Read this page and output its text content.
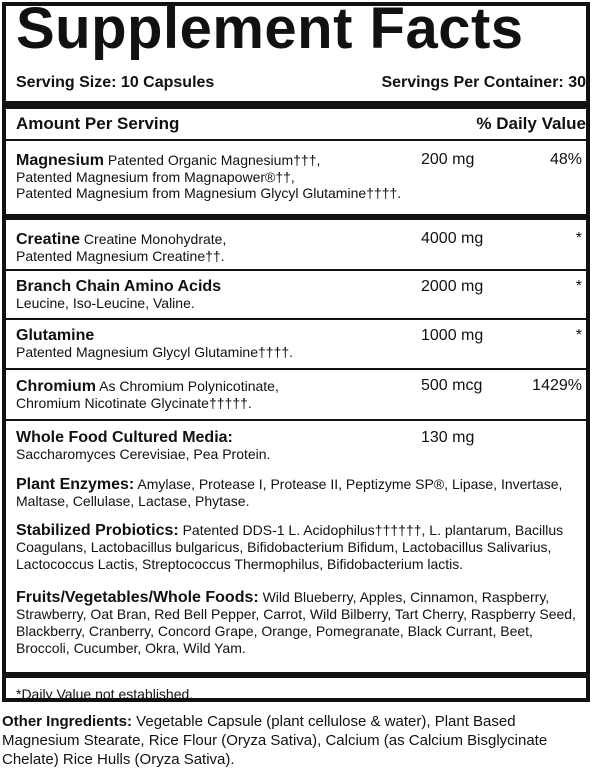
Supplement Facts
Serving Size: 10 Capsules	Servings Per Container: 30
Amount Per Serving	% Daily Value
Magnesium Patented Organic Magnesium†††,
Patented Magnesium from Magnapower®††,
Patented Magnesium from Magnesium Glycyl Glutamine††††.
200 mg	48%
Creatine Creatine Monohydrate,
Patented Magnesium Creatine††.
4000 mg	*
Branch Chain Amino Acids
Leucine, Iso-Leucine, Valine.
2000 mg	*
Glutamine
Patented Magnesium Glycyl Glutamine††††.
1000 mg	*
Chromium As Chromium Polynicotinate,
Chromium Nicotinate Glycinate†††††.
500 mcg	1429%
Whole Food Cultured Media:
Saccharomyces Cerevisiae, Pea Protein.
130 mg
Plant Enzymes: Amylase, Protease I, Protease II, Peptizyme SP®, Lipase, Invertase, Maltase, Cellulase, Lactase, Phytase.
Stabilized Probiotics: Patented DDS-1 L. Acidophilus††††††, L. plantarum, Bacillus Coagulans, Lactobacillus bulgaricus, Bifidobacterium Bifidum, Lactobacillus Salivarius, Lactococcus Lactis, Streptococcus Thermophilus, Bifidobacterium lactis.
Fruits/Vegetables/Whole Foods: Wild Blueberry, Apples, Cinnamon, Raspberry, Strawberry, Oat Bran, Red Bell Pepper, Carrot, Wild Bilberry, Tart Cherry, Raspberry Seed, Blackberry, Cranberry, Concord Grape, Orange, Pomegranate, Black Currant, Beet, Broccoli, Cucumber, Okra, Wild Yam.
*Daily Value not established.
Other Ingredients: Vegetable Capsule (plant cellulose & water), Plant Based Magnesium Stearate, Rice Flour (Oryza Sativa), Calcium (as Calcium Bisglycinate Chelate) Rice Hulls (Oryza Sativa).
